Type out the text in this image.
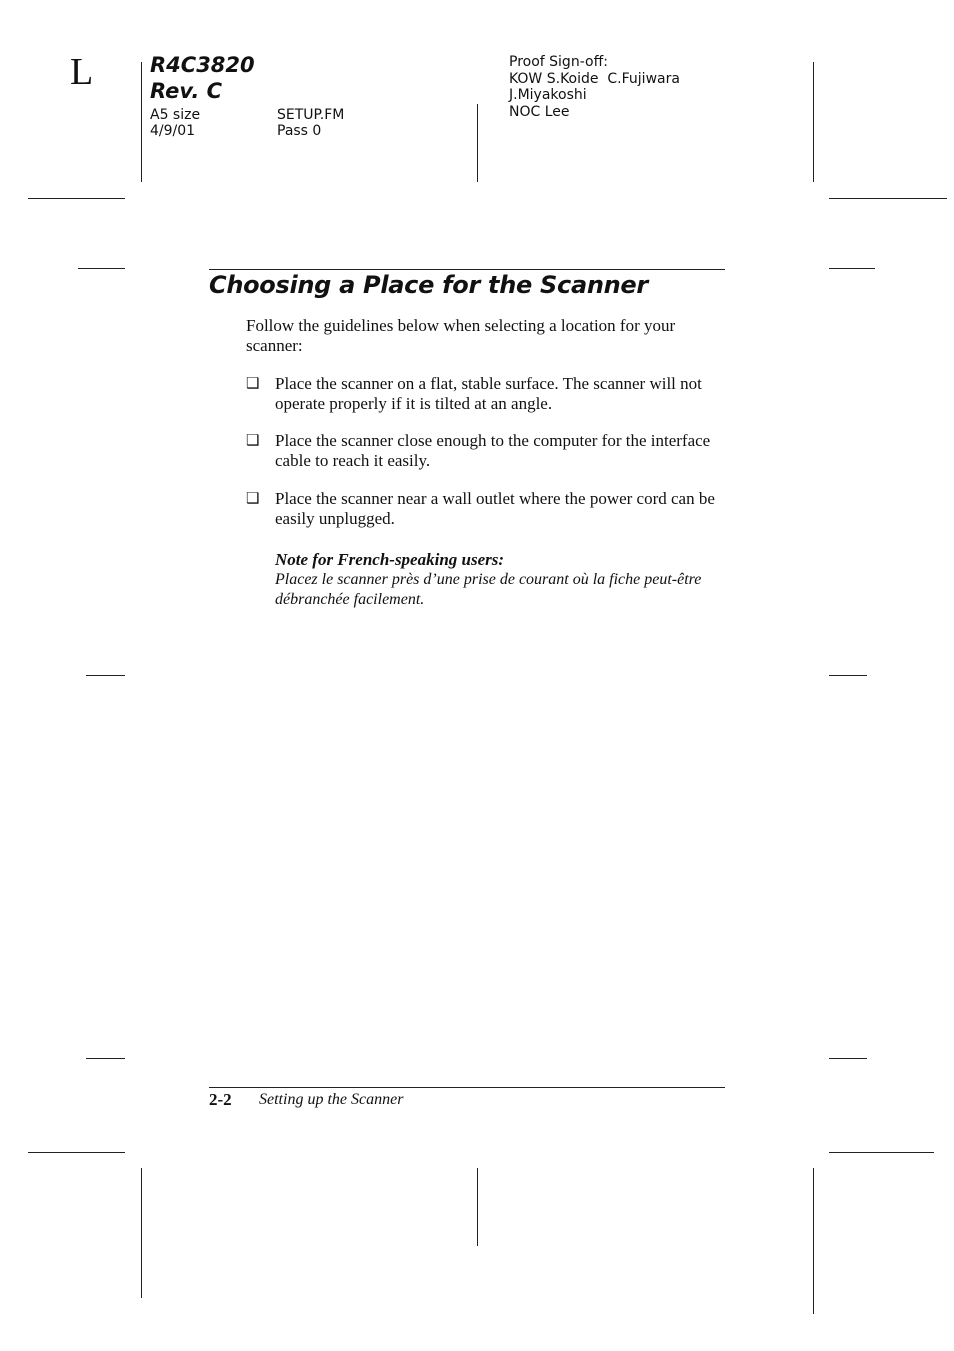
L	R4C3820
Rev. C
A5 size
4/9/01
SETUP.FM
Pass 0
Proof Sign-off:
KOW S.Koide  C.Fujiwara
J.Miyakoshi
NOC Lee
Choosing a Place for the Scanner
Follow the guidelines below when selecting a location for your scanner:
❑ Place the scanner on a flat, stable surface. The scanner will not operate properly if it is tilted at an angle.
❑ Place the scanner close enough to the computer for the interface cable to reach it easily.
❑ Place the scanner near a wall outlet where the power cord can be easily unplugged.
Note for French-speaking users:
Placez le scanner près d’une prise de courant où la fiche peut-être débranchée facilement.
2-2 Setting up the Scanner
